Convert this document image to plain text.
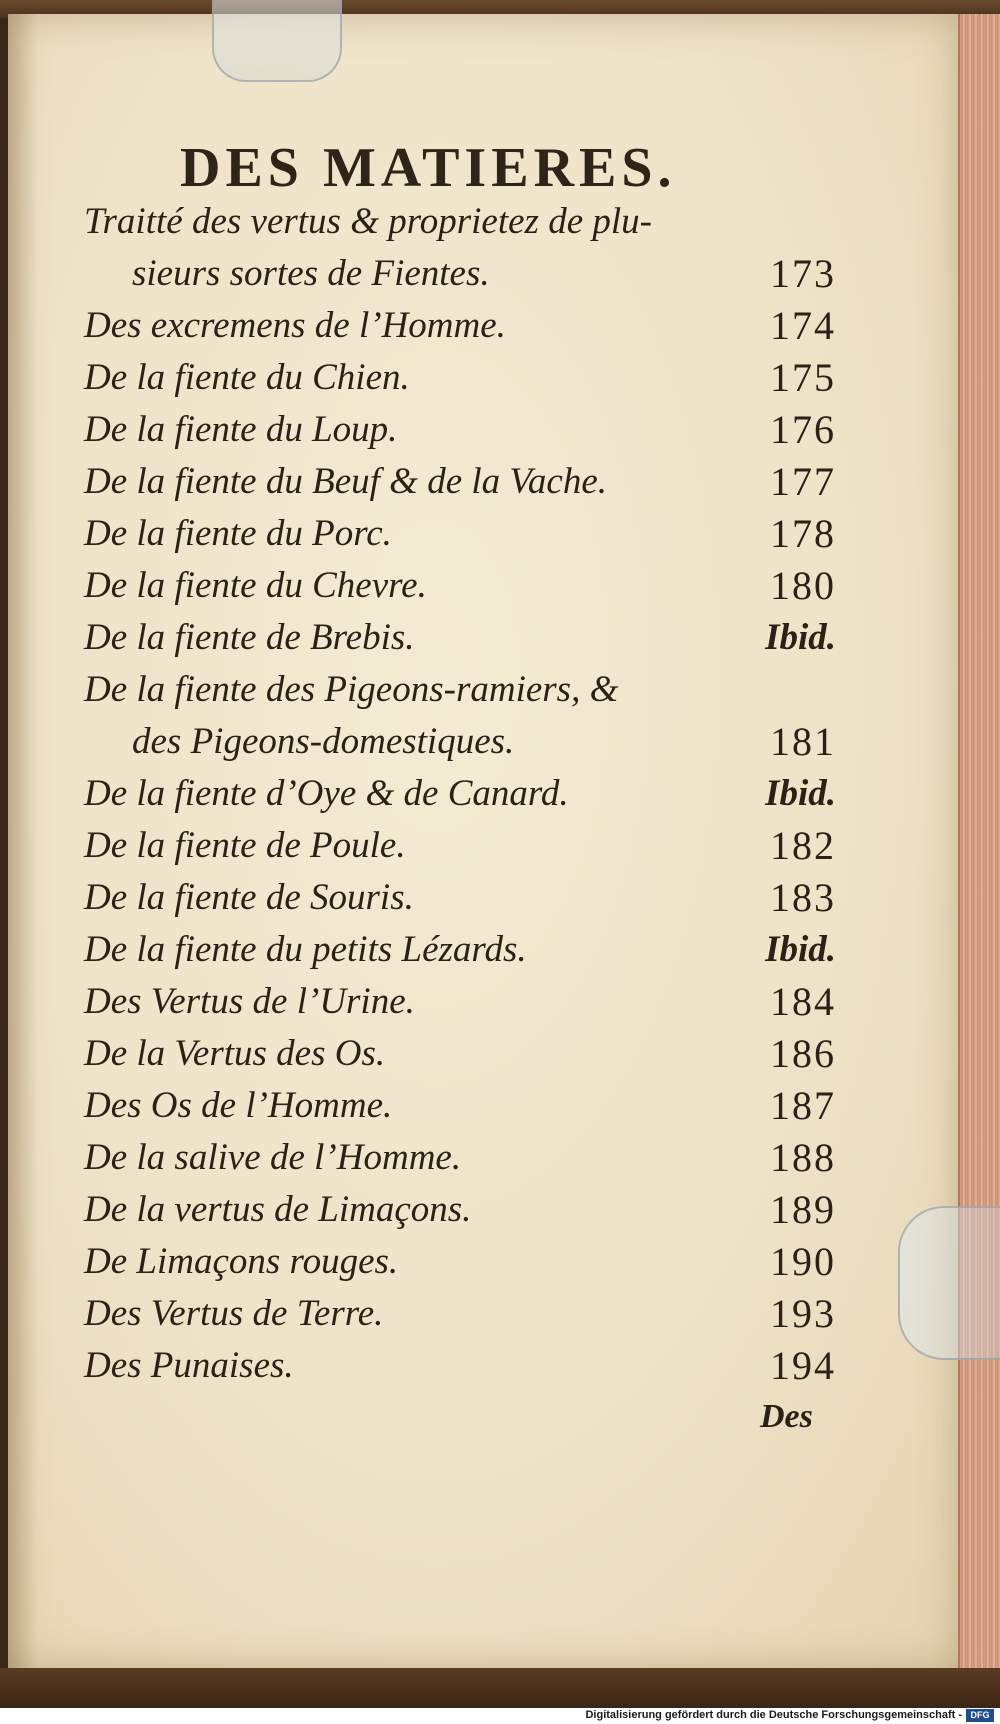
DES MATIERES.
Traitté des vertus & proprietez de plu-
sieurs sortes de Fientes.	173
Des excremens de l’Homme.	174
De la fiente du Chien.	175
De la fiente du Loup.	176
De la fiente du Beuf & de la Vache.	177
De la fiente du Porc.	178
De la fiente du Chevre.	180
De la fiente de Brebis.	Ibid.
De la fiente des Pigeons-ramiers, &
des Pigeons-domestiques.	181
De la fiente d’Oye & de Canard.	Ibid.
De la fiente de Poule.	182
De la fiente de Souris.	183
De la fiente du petits Lézards.	Ibid.
Des Vertus de l’Urine.	184
De la Vertus des Os.	186
Des Os de l’Homme.	187
De la salive de l’Homme.	188
De la vertus de Limaçons.	189
De Limaçons rouges.	190
Des Vertus de Terre.	193
Des Punaises.	194
Des
Digitalisierung gefördert durch die Deutsche Forschungsgemeinschaft - DFG
